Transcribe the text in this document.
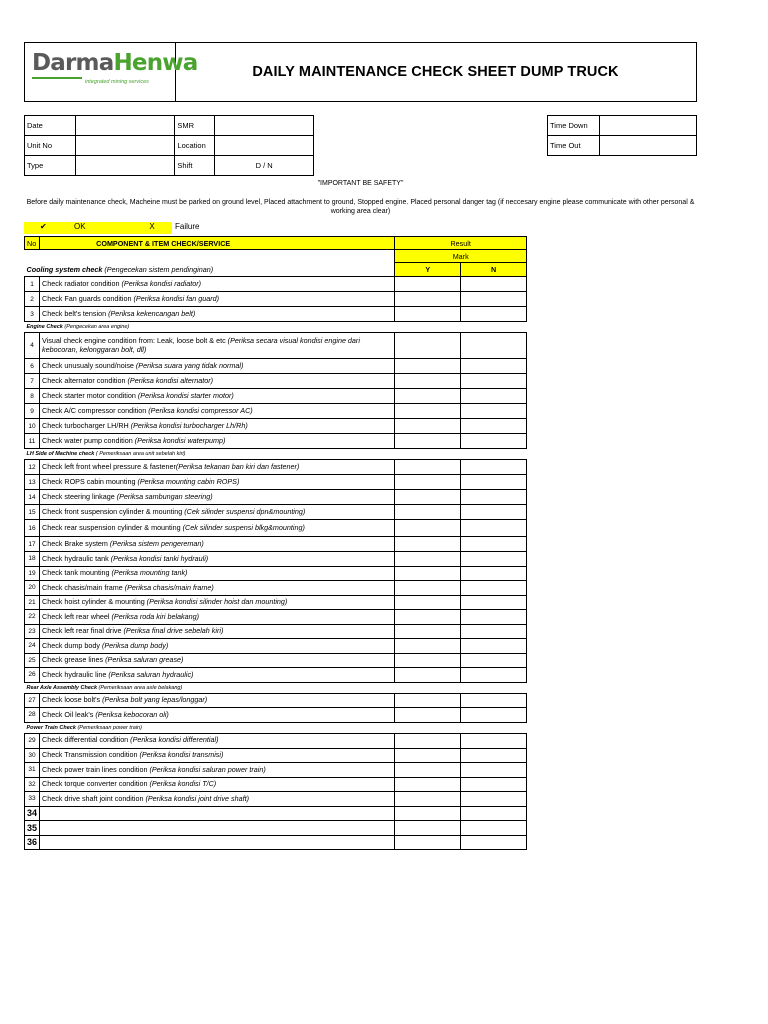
DarmaHenwa
integrated mining services
DAILY MAINTENANCE CHECK SHEET DUMP TRUCK
Date		SMR	
Unit No		Location	
Type		Shift	D / N
Time Down	
Time Out	
"IMPORTANT BE SAFETY"
Before daily maintenance check, Macheine must be parked on ground level, Placed attachment to ground, Stopped engine. Placed personal danger tag (if neccesary engine please communicate with other personal & working area clear)
✔	OK	X	Failure
No	COMPONENT & ITEM CHECK/SERVICE	Result	
		Mark	
Cooling system check (Pengecekan sistem pendinginan)		Y	N
1	Check radiator condition (Periksa kondisi radiator)		
2	Check Fan guards condition (Periksa kondisi fan guard)		
3	Check belt's tension (Periksa kekencangan belt)		
Engine Check (Pengecekan area engine)			
4	Visual check engine condition from: Leak, loose bolt & etc (Periksa secara visual kondisi engine dari kebocoran, kelonggaran bolt, dll)		
6	Check unusualy sound/noise (Periksa suara yang tidak normal)		
7	Check alternator condition (Periksa kondisi alternator)		
8	Check starter motor condition (Periksa kondisi starter motor)		
9	Check A/C compressor condition (Periksa kondisi compressor AC)		
10	Check turbocharger LH/RH (Periksa kondisi turbocharger Lh/Rh)		
11	Check water pump condition (Periksa kondisi waterpump)		
LH Side of Machine check ( Pemeriksaan area unit sebelah kiri)			
12	Check left front wheel pressure & fastener(Periksa tekanan ban kiri dan fastener)		
13	Check ROPS cabin mounting (Periksa mounting cabin ROPS)		
14	Check steering linkage (Periksa sambungan steering)		
15	Check front suspension cylinder & mounting (Cek silinder suspensi dpn&mounting)		
16	Check rear suspension cylinder & mounting (Cek silinder suspensi blkg&mounting)		
17	Check Brake system (Periksa sistem pengereman)		
18	Check hydraulic tank (Periksa kondisi tanki hydrauli)		
19	Check tank mounting (Periksa mounting tank)		
20	Check chasis/main frame (Periksa chasis/main frame)		
21	Check hoist cylinder & mounting (Periksa kondisi silinder hoist dan mounting)		
22	Check left rear wheel (Periksa roda kiri belakang)		
23	Check left rear final drive (Periksa final drive sebelah kiri)		
24	Check dump body (Periksa dump body)		
25	Check grease lines (Periksa saluran grease)		
26	Check hydraulic line (Periksa saluran hydraulic)		
Rear Axle Assembly Check (Pemeriksaan area axle belakang)			
27	Check loose bolt's (Periksa bolt yang lepas/longgar)		
28	Check Oil leak's (Periksa kebocoran oli)		
Power Train Check (Pemeriksaan power train)			
29	Check differential condition (Periksa kondisi differential)		
30	Check Transmission condition (Periksa kondisi transmisi)		
31	Check power train lines condition (Periksa kondisi saluran power train)		
32	Check torque converter condition (Periksa kondisi T/C)		
33	Check drive shaft joint condition (Periksa kondisi joint drive shaft)		
34			
35			
36			
